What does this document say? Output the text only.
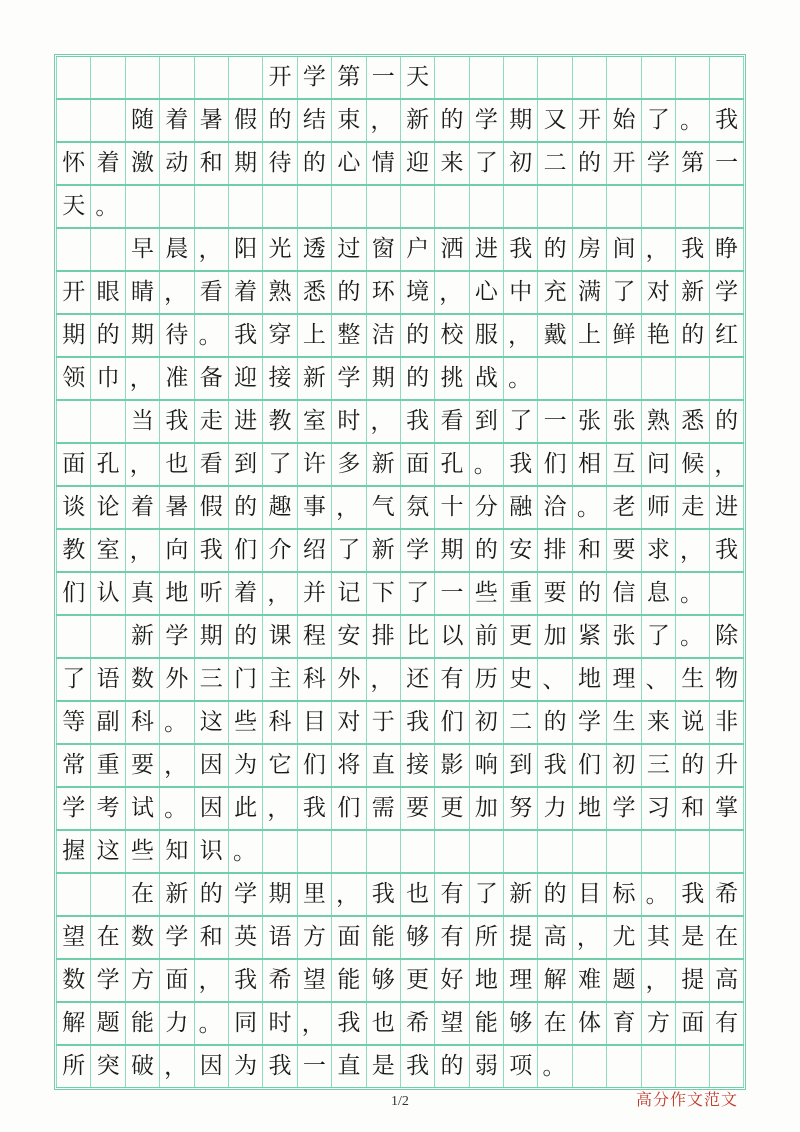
开 学 第 一 天
随 着 暑 假 的 结 束 ， 新 的 学 期 又 开 始 了 。 我
怀 着 激 动 和 期 待 的 心 情 迎 来 了 初 二 的 开 学 第 一
天 。
早 晨 ， 阳 光 透 过 窗 户 洒 进 我 的 房 间 ， 我 睁
开 眼 睛 ， 看 着 熟 悉 的 环 境 ， 心 中 充 满 了 对 新 学
期 的 期 待 。 我 穿 上 整 洁 的 校 服 ， 戴 上 鲜 艳 的 红
领 巾 ， 准 备 迎 接 新 学 期 的 挑 战 。
当 我 走 进 教 室 时 ， 我 看 到 了 一 张 张 熟 悉 的
面 孔 ， 也 看 到 了 许 多 新 面 孔 。 我 们 相 互 问 候 ，
谈 论 着 暑 假 的 趣 事 ， 气 氛 十 分 融 洽 。 老 师 走 进
教 室 ， 向 我 们 介 绍 了 新 学 期 的 安 排 和 要 求 ， 我
们 认 真 地 听 着 ， 并 记 下 了 一 些 重 要 的 信 息 。
新 学 期 的 课 程 安 排 比 以 前 更 加 紧 张 了 。 除
了 语 数 外 三 门 主 科 外 ， 还 有 历 史 、 地 理 、 生 物
等 副 科 。 这 些 科 目 对 于 我 们 初 二 的 学 生 来 说 非
常 重 要 ， 因 为 它 们 将 直 接 影 响 到 我 们 初 三 的 升
学 考 试 。 因 此 ， 我 们 需 要 更 加 努 力 地 学 习 和 掌
握 这 些 知 识 。
在 新 的 学 期 里 ， 我 也 有 了 新 的 目 标 。 我 希
望 在 数 学 和 英 语 方 面 能 够 有 所 提 高 ， 尤 其 是 在
数 学 方 面 ， 我 希 望 能 够 更 好 地 理 解 难 题 ， 提 高
解 题 能 力 。 同 时 ， 我 也 希 望 能 够 在 体 育 方 面 有
所 突 破 ， 因 为 我 一 直 是 我 的 弱 项 。
1/2	高分作文范文
